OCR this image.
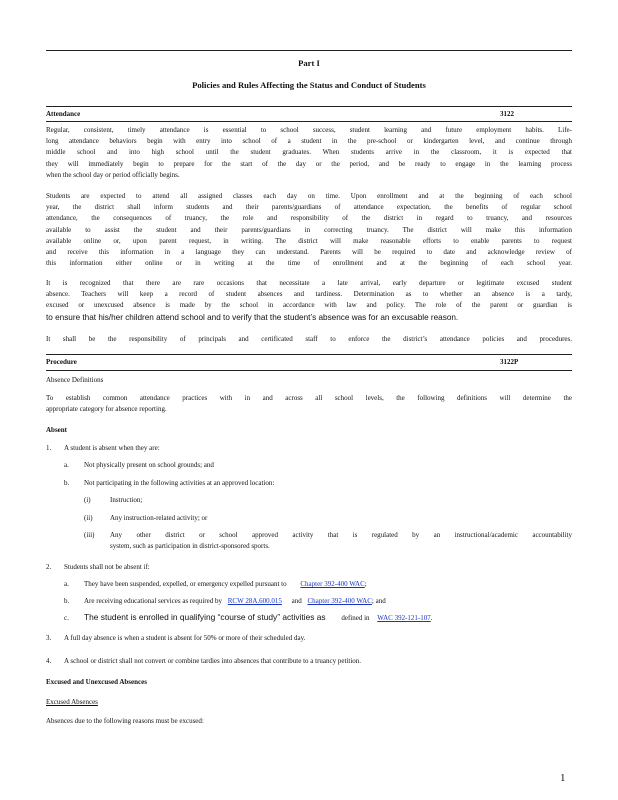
Part I
Policies and Rules Affecting the Status and Conduct of Students
Attendance	3122
Regular, consistent, timely attendance is essential to school success, student learning and future employment habits. Life-
long attendance behaviors begin with entry into school of a student in the pre-school or kindergarten level, and continue through
middle school and into high school until the student graduates. When students arrive in the classroom, it is expected that
they will immediately begin to prepare for the start of the day or the period, and be ready to engage in the learning process
when the school day or period officially begins.
Students are expected to attend all assigned classes each day on time. Upon enrollment and at the beginning of each school
year, the district shall inform students and their parents/guardians of attendance expectation, the benefits of regular school
attendance, the consequences of truancy, the role and responsibility of the district in regard to truancy, and resources
available to assist the student and their parents/guardians in correcting truancy. The district will make this information
available online or, upon parent request, in writing. The district will make reasonable efforts to enable parents to request
and receive this information in a language they can understand. Parents will be required to date and acknowledge review of
this information either online or in writing at the time of enrollment and at the beginning of each school year.
It is recognized that there are rare occasions that necessitate a late arrival, early departure or legitimate excused student
absence. Teachers will keep a record of student absences and tardiness. Determination as to whether an absence is a tardy,
excused or unexcused absence is made by the school in accordance with law and policy. The role of the parent or guardian is
to ensure that his/her children attend school and to verify that the student’s absence was for an excusable reason.
It shall be the responsibility of principals and certificated staff to enforce the district’s attendance policies and procedures.
Procedure	3122P
Absence Definitions
To establish common attendance practices with in and across all school levels, the following definitions will determine the
appropriate category for absence reporting.
Absent
1. A student is absent when they are:
a. Not physically present on school grounds; and
b. Not participating in the following activities at an approved location:
(i)	Instruction;
(ii) Any instruction-related activity; or
(iii) Any other district or school approved activity that is regulated by an instructional/academic accountability
system, such as participation in district-sponsored sports.
2. Students shall not be absent if:
a. They have been suspended, expelled, or emergency expelled pursuant to Chapter 392-400 WAC;
b. Are receiving educational services as required by RCW 28A.600.015 and Chapter 392-400 WAC; and
c. The student is enrolled in qualifying “course of study” activities as defined in WAC 392-121-107.
3. A full day absence is when a student is absent for 50% or more of their scheduled day.
4. A school or district shall not convert or combine tardies into absences that contribute to a truancy petition.
Excused and Unexcused Absences
Excused Absences
Absences due to the following reasons must be excused:
1
